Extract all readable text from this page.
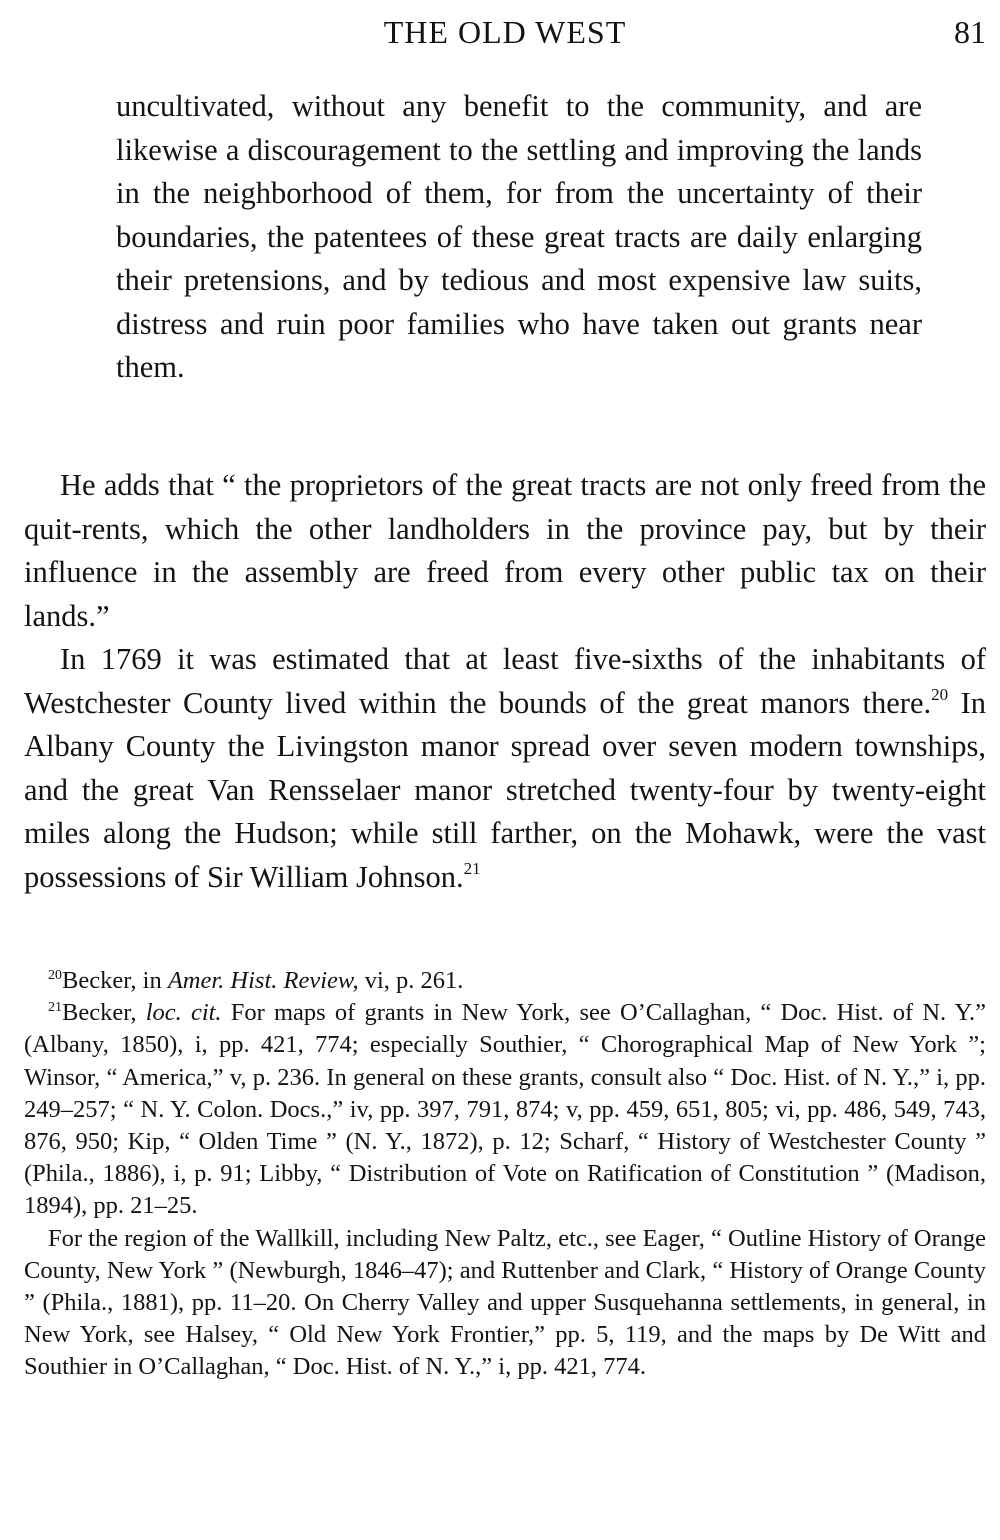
THE OLD WEST	81
uncultivated, without any benefit to the community, and are likewise a discouragement to the settling and improving the lands in the neighborhood of them, for from the uncertainty of their boundaries, the patentees of these great tracts are daily enlarging their pretensions, and by tedious and most expensive law suits, distress and ruin poor families who have taken out grants near them.

He adds that “ the proprietors of the great tracts are not only freed from the quit-rents, which the other landholders in the province pay, but by their influence in the assembly are freed from every other public tax on their lands.”

In 1769 it was estimated that at least five-sixths of the inhabitants of Westchester County lived within the bounds of the great manors there.$^{20}$ In Albany County the Livingston manor spread over seven modern townships, and the great Van Rensselaer manor stretched twenty-four by twenty-eight miles along the Hudson; while still farther, on the Mohawk, were the vast possessions of Sir William Johnson.$^{21}$

$^{20}$Becker, in Amer. Hist. Review, vi, p. 261.

$^{21}$Becker, loc. cit. For maps of grants in New York, see O’Callaghan, “ Doc. Hist. of N. Y.” (Albany, 1850), i, pp. 421, 774; especially Southier, “ Chorographical Map of New York ”; Winsor, “ America,” v, p. 236. In general on these grants, consult also “ Doc. Hist. of N. Y.,” i, pp. 249–257; “ N. Y. Colon. Docs.,” iv, pp. 397, 791, 874; v, pp. 459, 651, 805; vi, pp. 486, 549, 743, 876, 950; Kip, “ Olden Time ” (N. Y., 1872), p. 12; Scharf, “ History of Westchester County ” (Phila., 1886), i, p. 91; Libby, “ Distribution of Vote on Ratification of Constitution ” (Madison, 1894), pp. 21–25.

For the region of the Wallkill, including New Paltz, etc., see Eager, “ Outline History of Orange County, New York ” (Newburgh, 1846–47); and Ruttenber and Clark, “ History of Orange County ” (Phila., 1881), pp. 11–20. On Cherry Valley and upper Susquehanna settlements, in general, in New York, see Halsey, “ Old New York Frontier,” pp. 5, 119, and the maps by De Witt and Southier in O’Callaghan, “ Doc. Hist. of N. Y.,” i, pp. 421, 774.
